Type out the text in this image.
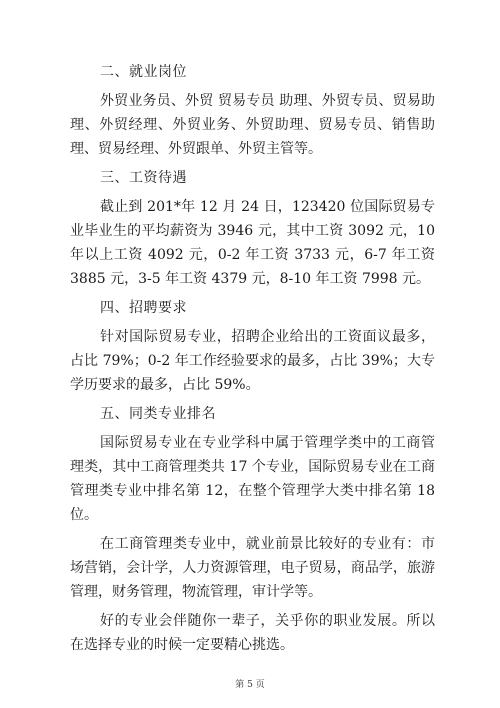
二、就业岗位

外贸业务员、外贸 贸易专员 助理、外贸专员、贸易助理、外贸经理、外贸业务、外贸助理、贸易专员、销售助理、贸易经理、外贸跟单、外贸主管等。

三、工资待遇

截止到 201*年 12 月 24 日，123420 位国际贸易专业毕业生的平均薪资为 3946 元，其中工资 3092 元，10 年以上工资 4092 元，0-2 年工资 3733 元，6-7 年工资 3885 元，3-5 年工资 4379 元，8-10 年工资 7998 元。

四、招聘要求

针对国际贸易专业，招聘企业给出的工资面议最多，占比 79%；0-2 年工作经验要求的最多，占比 39%；大专学历要求的最多，占比 59%。

五、同类专业排名

国际贸易专业在专业学科中属于管理学类中的工商管理类，其中工商管理类共 17 个专业，国际贸易专业在工商管理类专业中排名第 12，在整个管理学大类中排名第 18 位。

在工商管理类专业中，就业前景比较好的专业有：市场营销，会计学，人力资源管理，电子贸易，商品学，旅游管理，财务管理，物流管理，审计学等。

好的专业会伴随你一辈子，关乎你的职业发展。所以在选择专业的时候一定要精心挑选。

第 5 页
